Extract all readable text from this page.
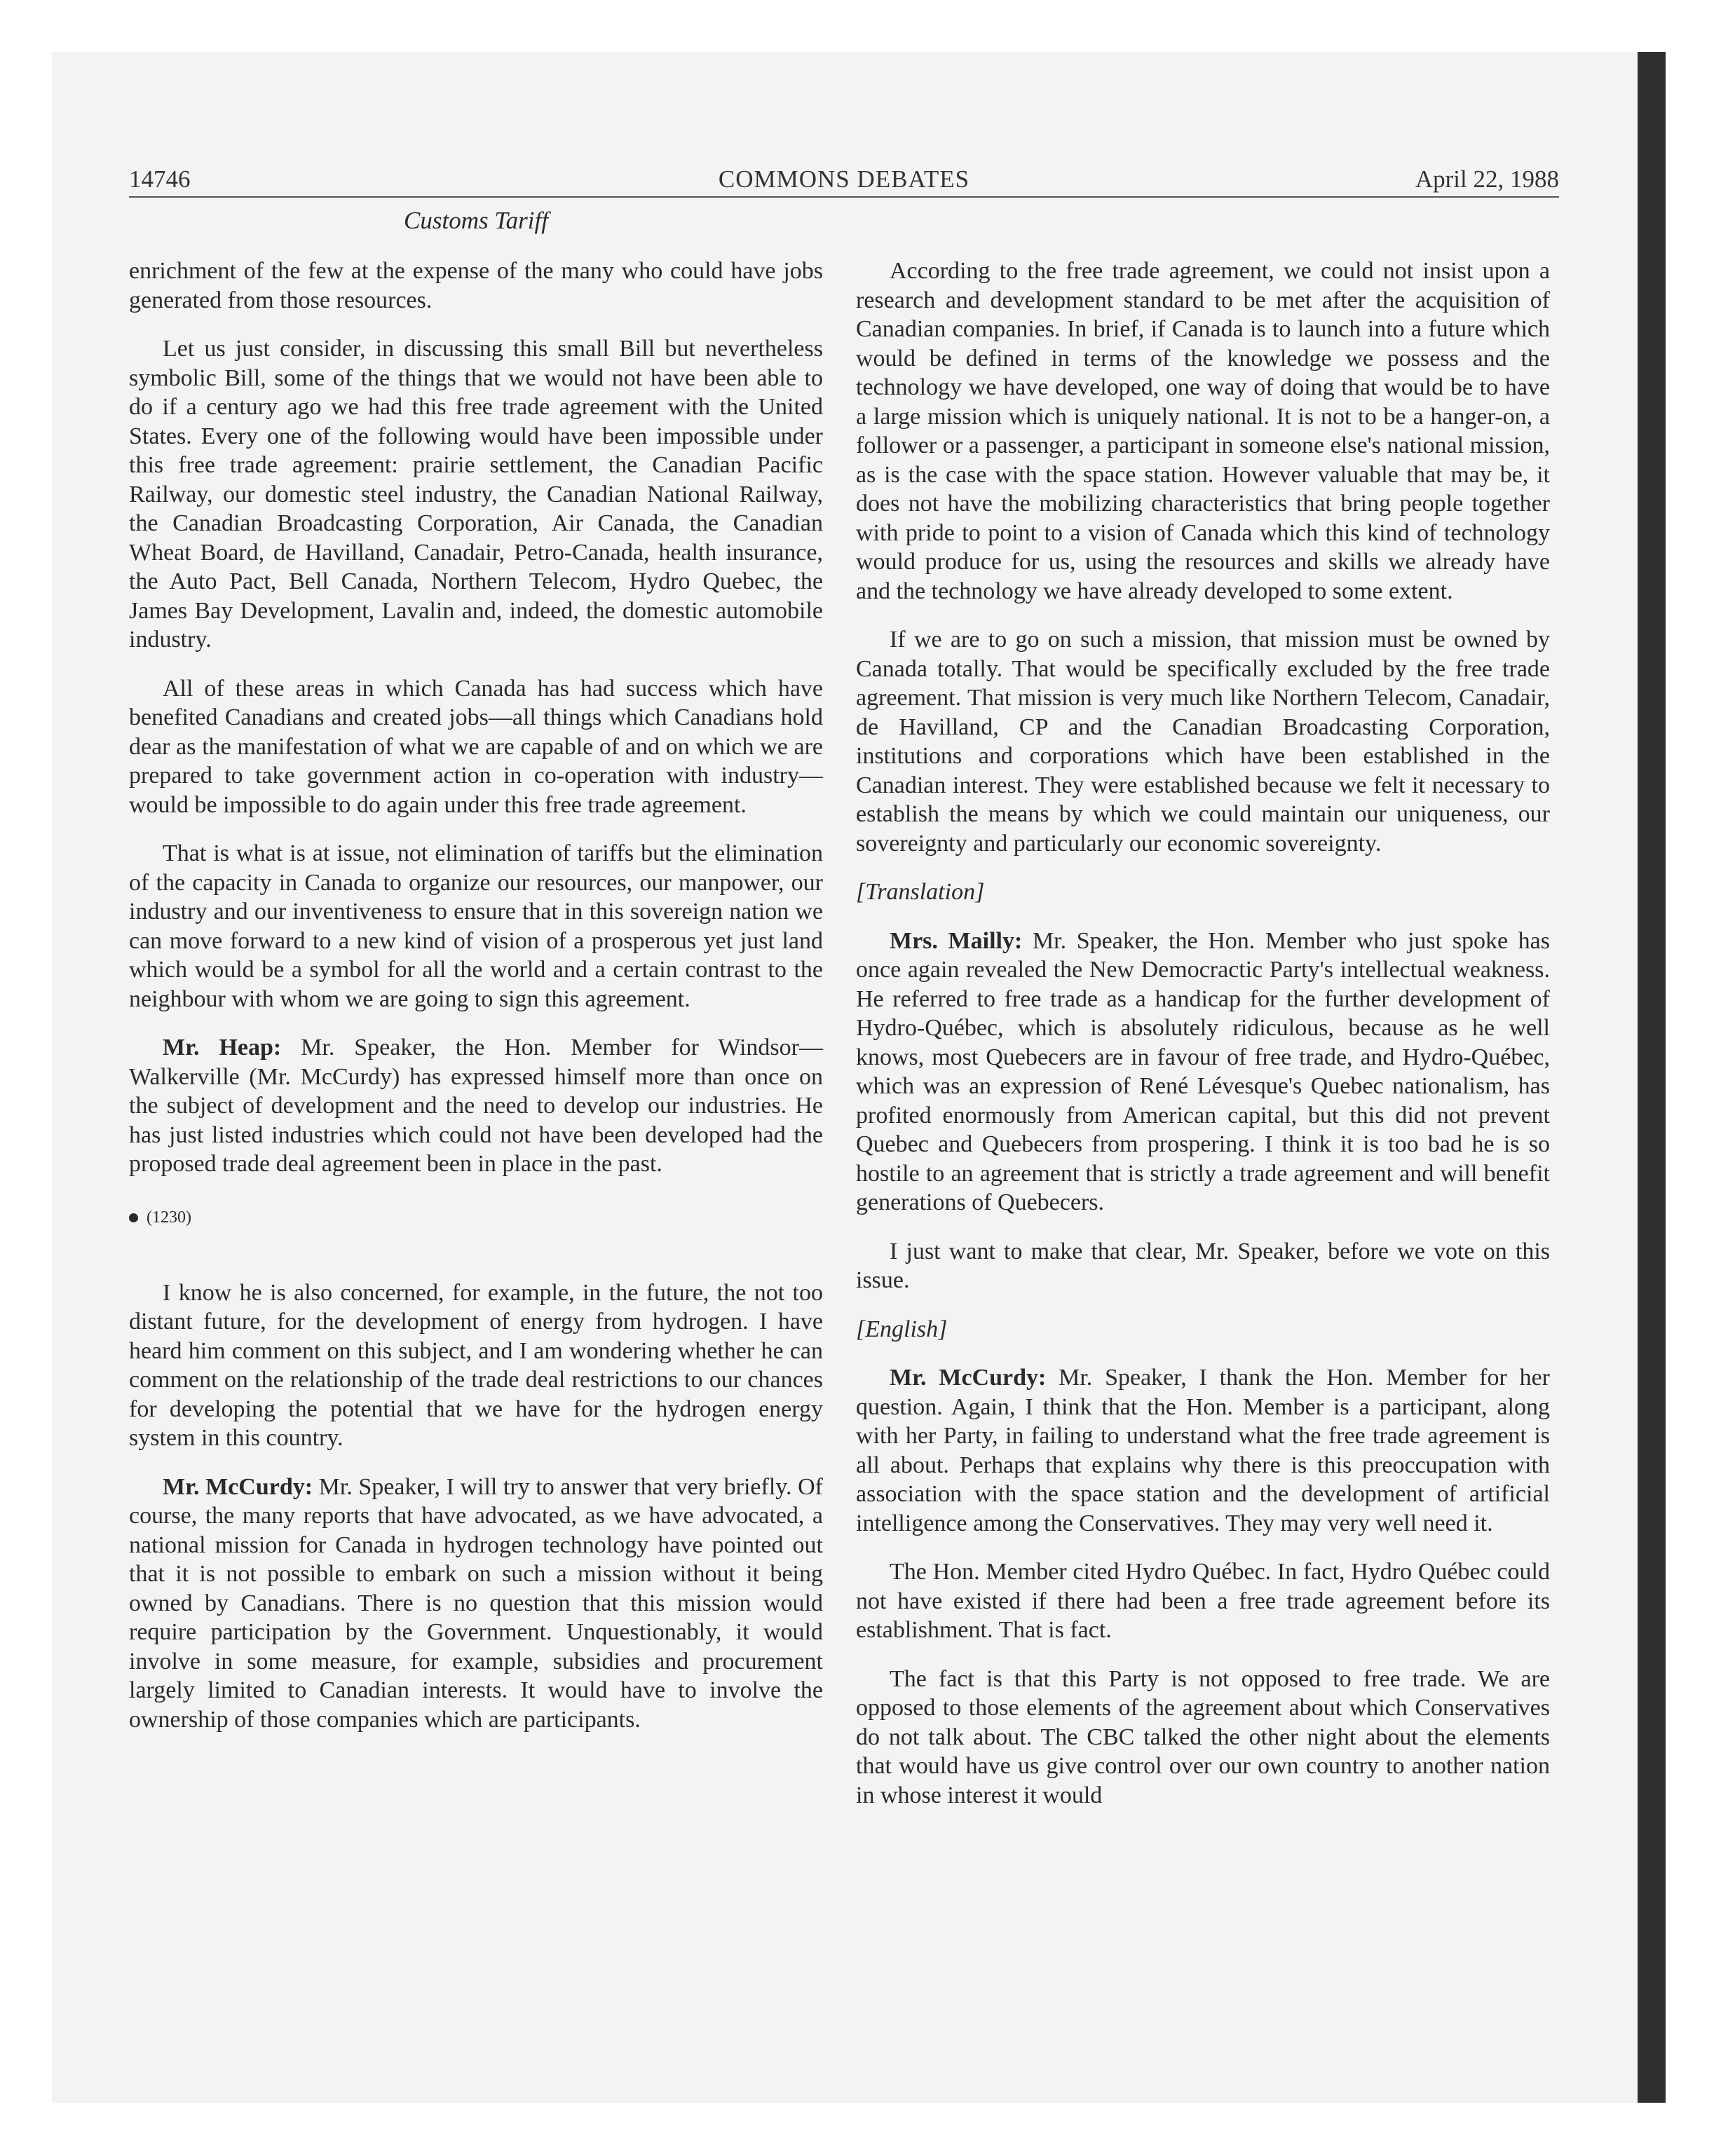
14746	COMMONS DEBATES	April 22, 1988
Customs Tariff

enrichment of the few at the expense of the many who could have jobs generated from those resources.

Let us just consider, in discussing this small Bill but nevertheless symbolic Bill, some of the things that we would not have been able to do if a century ago we had this free trade agreement with the United States. Every one of the following would have been impossible under this free trade agreement: prairie settlement, the Canadian Pacific Railway, our domestic steel industry, the Canadian National Railway, the Canadian Broadcasting Corporation, Air Canada, the Canadian Wheat Board, de Havilland, Canadair, Petro-Canada, health insurance, the Auto Pact, Bell Canada, Northern Telecom, Hydro Quebec, the James Bay Development, Lavalin and, indeed, the domestic automobile industry.

All of these areas in which Canada has had success which have benefited Canadians and created jobs—all things which Canadians hold dear as the manifestation of what we are capable of and on which we are prepared to take government action in co-operation with industry—would be impossible to do again under this free trade agreement.

That is what is at issue, not elimination of tariffs but the elimination of the capacity in Canada to organize our resources, our manpower, our industry and our inventiveness to ensure that in this sovereign nation we can move forward to a new kind of vision of a prosperous yet just land which would be a symbol for all the world and a certain contrast to the neighbour with whom we are going to sign this agreement.

Mr. Heap: Mr. Speaker, the Hon. Member for Windsor—Walkerville (Mr. McCurdy) has expressed himself more than once on the subject of development and the need to develop our industries. He has just listed industries which could not have been developed had the proposed trade deal agreement been in place in the past.

(1230)

I know he is also concerned, for example, in the future, the not too distant future, for the development of energy from hydrogen. I have heard him comment on this subject, and I am wondering whether he can comment on the relationship of the trade deal restrictions to our chances for developing the potential that we have for the hydrogen energy system in this country.

Mr. McCurdy: Mr. Speaker, I will try to answer that very briefly. Of course, the many reports that have advocated, as we have advocated, a national mission for Canada in hydrogen technology have pointed out that it is not possible to embark on such a mission without it being owned by Canadians. There is no question that this mission would require participation by the Government. Unquestionably, it would involve in some measure, for example, subsidies and procurement largely limited to Canadian interests. It would have to involve the ownership of those companies which are participants.

According to the free trade agreement, we could not insist upon a research and development standard to be met after the acquisition of Canadian companies. In brief, if Canada is to launch into a future which would be defined in terms of the knowledge we possess and the technology we have developed, one way of doing that would be to have a large mission which is uniquely national. It is not to be a hanger-on, a follower or a passenger, a participant in someone else's national mission, as is the case with the space station. However valuable that may be, it does not have the mobilizing characteristics that bring people together with pride to point to a vision of Canada which this kind of technology would produce for us, using the resources and skills we already have and the technology we have already developed to some extent.

If we are to go on such a mission, that mission must be owned by Canada totally. That would be specifically excluded by the free trade agreement. That mission is very much like Northern Telecom, Canadair, de Havilland, CP and the Canadian Broadcasting Corporation, institutions and corporations which have been established in the Canadian interest. They were established because we felt it necessary to establish the means by which we could maintain our uniqueness, our sovereignty and particularly our economic sovereignty.

[Translation]

Mrs. Mailly: Mr. Speaker, the Hon. Member who just spoke has once again revealed the New Democractic Party's intellectual weakness. He referred to free trade as a handicap for the further development of Hydro-Québec, which is absolutely ridiculous, because as he well knows, most Quebecers are in favour of free trade, and Hydro-Québec, which was an expression of René Lévesque's Quebec nationalism, has profited enormously from American capital, but this did not prevent Quebec and Quebecers from prospering. I think it is too bad he is so hostile to an agreement that is strictly a trade agreement and will benefit generations of Quebecers.

I just want to make that clear, Mr. Speaker, before we vote on this issue.

[English]

Mr. McCurdy: Mr. Speaker, I thank the Hon. Member for her question. Again, I think that the Hon. Member is a participant, along with her Party, in failing to understand what the free trade agreement is all about. Perhaps that explains why there is this preoccupation with association with the space station and the development of artificial intelligence among the Conservatives. They may very well need it.

The Hon. Member cited Hydro Québec. In fact, Hydro Québec could not have existed if there had been a free trade agreement before its establishment. That is fact.

The fact is that this Party is not opposed to free trade. We are opposed to those elements of the agreement about which Conservatives do not talk about. The CBC talked the other night about the elements that would have us give control over our own country to another nation in whose interest it would
